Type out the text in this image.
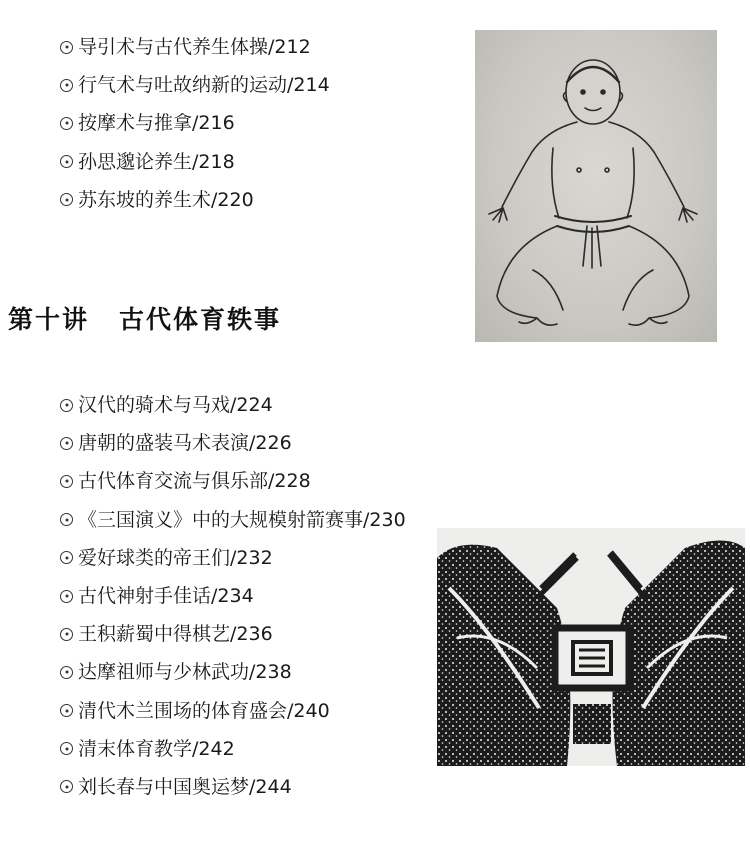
导引术与古代养生体操 /212
行气术与吐故纳新的运动 /214
按摩术与推拿 /216
孙思邈论养生 /218
苏东坡的养生术 /220
第十讲 古代体育轶事
汉代的骑术与马戏 /224
唐朝的盛装马术表演 /226
古代体育交流与俱乐部 /228
《三国演义》中的大规模射箭赛事 /230
爱好球类的帝王们 /232
古代神射手佳话 /234
王积薪蜀中得棋艺 /236
达摩祖师与少林武功 /238
清代木兰围场的体育盛会 /240
清末体育教学 /242
刘长春与中国奥运梦 /244
